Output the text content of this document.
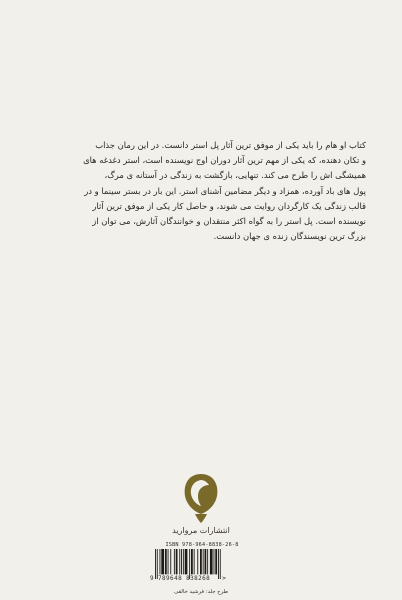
کتاب او هام را باید یکی از موفق ترین آثار پل استر دانست. در این رمان جذاب

و تکان دهنده، که یکی از مهم ترین آثار دوران اوج نویسنده است، استر دغدغه های

همیشگی اش را طرح می کند. تنهایی، بازگشت به زندگی در آستانه ی مرگ،

پول های باد آورده، همزاد و دیگر مضامین آشنای استر. این بار در بستر سینما و در

قالب زندگی یک کارگردان روایت می شوند، و حاصل کار یکی از موفق ترین آثار

نویسنده است. پل استر را به گواه اکثر منتقدان و خوانندگان آثارش، می توان از

بزرگ ترین نویسندگان زنده ی جهان دانست.

انتشارات مروارید
ISBN 978-964-8838-26-8
9 789648 838268 >
طرح جلد: فرشید خالقی
